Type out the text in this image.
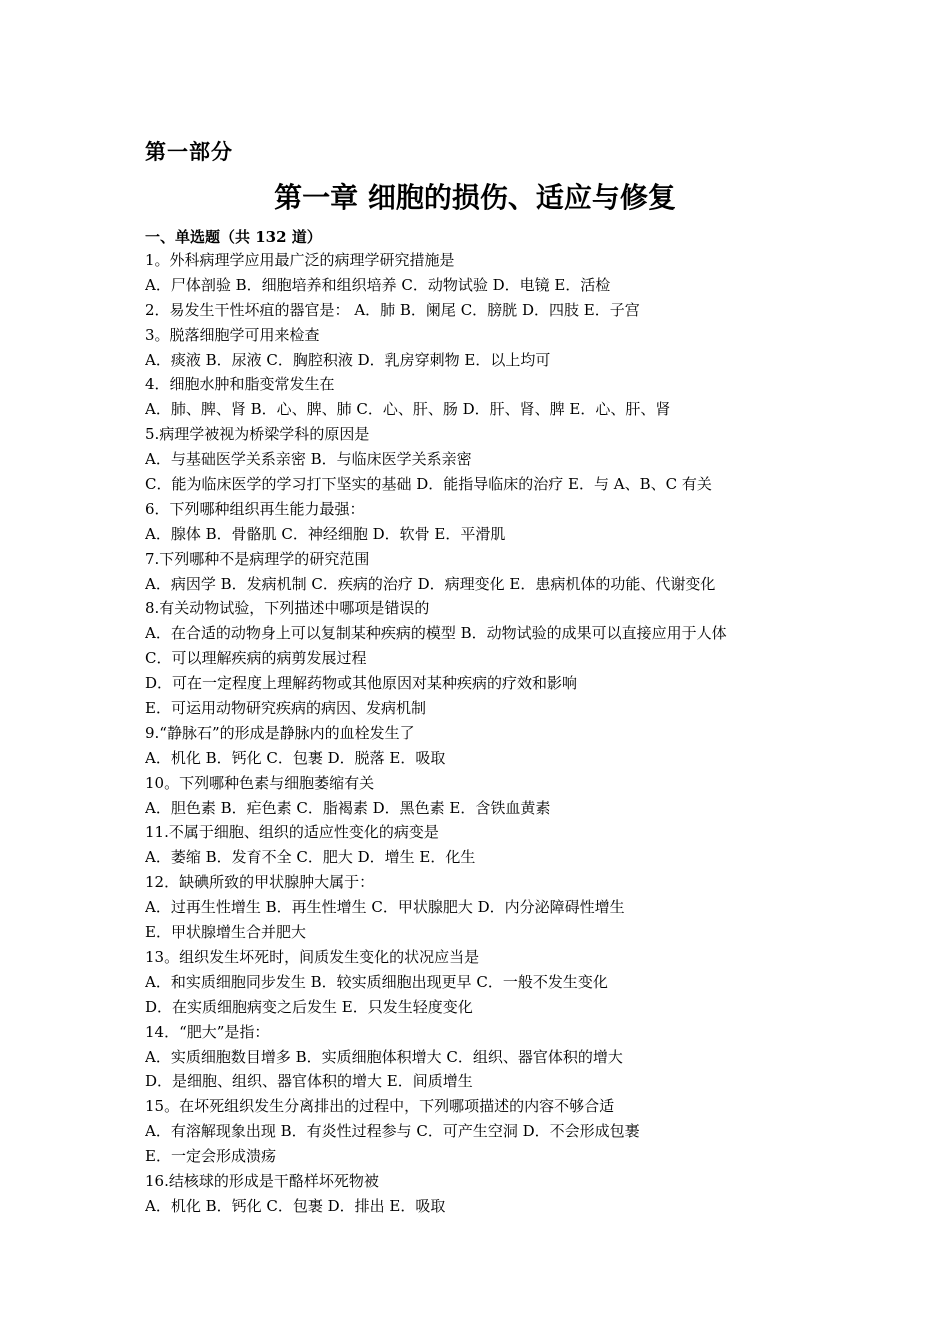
第一部分
第一章 细胞的损伤、适应与修复
一、单选题（共 132 道）
1。外科病理学应用最广泛的病理学研究措施是
A．尸体剖验 B．细胞培养和组织培养 C．动物试验 D．电镜 E．活检
2．易发生干性坏疽的器官是： A．肺 B．阑尾 C．膀胱 D．四肢 E．子宫
3。脱落细胞学可用来检查
A．痰液 B．尿液 C．胸腔积液 D．乳房穿刺物 E．以上均可
4．细胞水肿和脂变常发生在
A．肺、脾、肾 B．心、脾、肺 C．心、肝、肠 D．肝、肾、脾 E．心、肝、肾
5.病理学被视为桥梁学科的原因是
A．与基础医学关系亲密 B．与临床医学关系亲密
C．能为临床医学的学习打下坚实的基础 D．能指导临床的治疗 E．与 A、B、C 有关
6．下列哪种组织再生能力最强：
A．腺体 B．骨骼肌 C．神经细胞 D．软骨 E．平滑肌
7.下列哪种不是病理学的研究范围
A．病因学 B．发病机制 C．疾病的治疗 D．病理变化 E．患病机体的功能、代谢变化
8.有关动物试验，下列描述中哪项是错误的
A．在合适的动物身上可以复制某种疾病的模型 B．动物试验的成果可以直接应用于人体
C．可以理解疾病的病剪发展过程
D．可在一定程度上理解药物或其他原因对某种疾病的疗效和影响
E．可运用动物研究疾病的病因、发病机制
9.“静脉石”的形成是静脉内的血栓发生了
A．机化 B．钙化 C．包裹 D．脱落 E．吸取
10。下列哪种色素与细胞萎缩有关
A．胆色素 B．疟色素 C．脂褐素 D．黑色素 E．含铁血黄素
11.不属于细胞、组织的适应性变化的病变是
A．萎缩 B．发育不全 C．肥大 D．增生 E．化生
12．缺碘所致的甲状腺肿大属于：
A．过再生性增生 B．再生性增生 C．甲状腺肥大 D．内分泌障碍性增生
E．甲状腺增生合并肥大
13。组织发生坏死时，间质发生变化的状况应当是
A．和实质细胞同步发生 B．较实质细胞出现更早 C．一般不发生变化
D．在实质细胞病变之后发生 E．只发生轻度变化
14．“肥大”是指：
A．实质细胞数目增多 B．实质细胞体积增大 C．组织、器官体积的增大
D．是细胞、组织、器官体积的增大 E．间质增生
15。在坏死组织发生分离排出的过程中，下列哪项描述的内容不够合适
A．有溶解现象出现 B．有炎性过程参与 C．可产生空洞 D．不会形成包裹
E．一定会形成溃疡
16.结核球的形成是干酪样坏死物被
A．机化 B．钙化 C．包裹 D．排出 E．吸取
